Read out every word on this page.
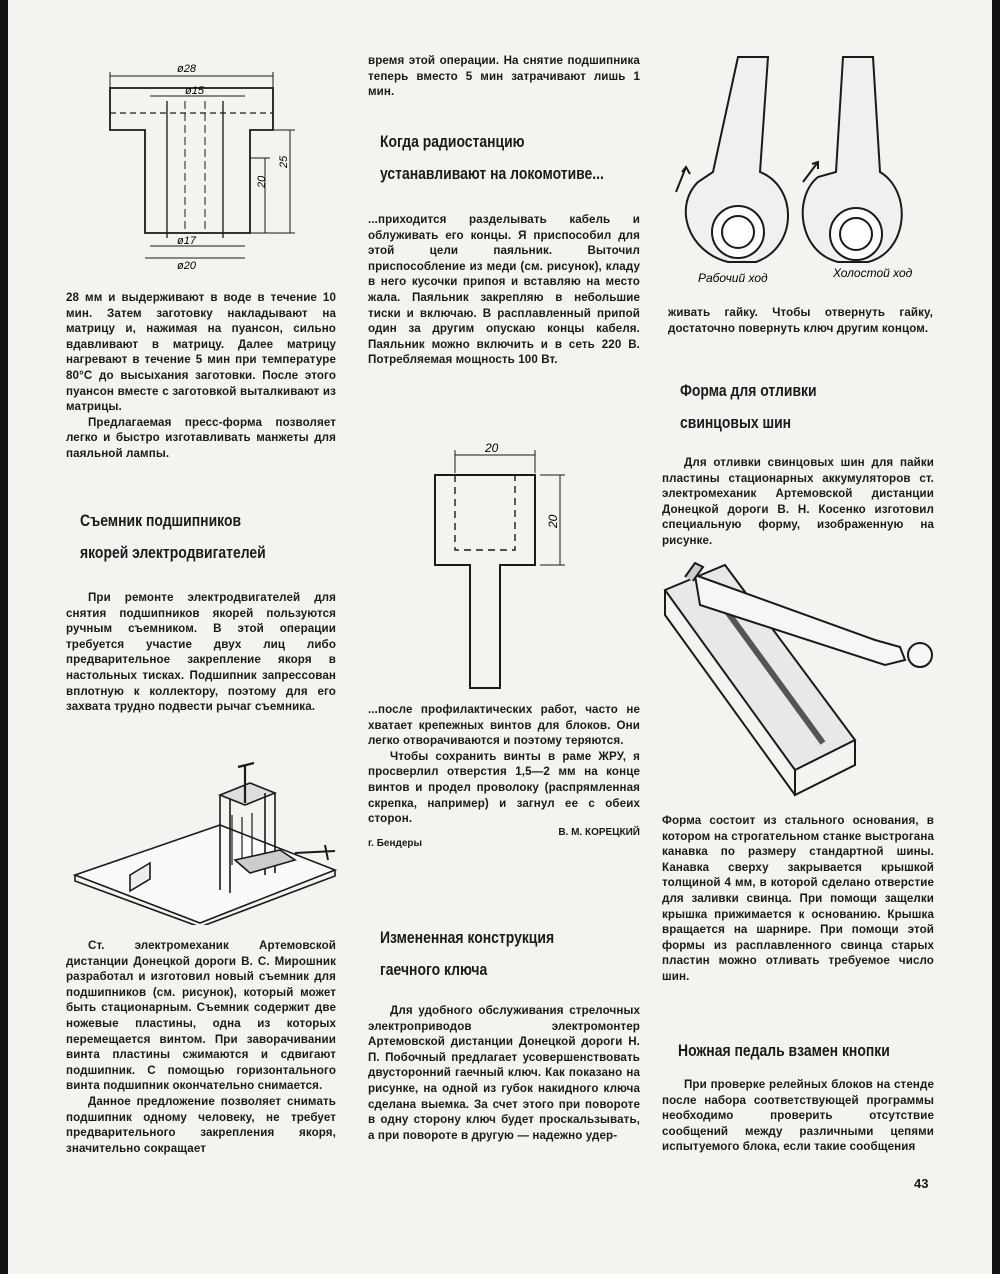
ø28
ø15
ø17
ø20
20
25

28 мм и выдерживают в воде в течение 10 мин. Затем заготовку накладывают на матрицу и, нажимая на пуансон, сильно вдавливают в матрицу. Далее матрицу нагревают в течение 5 мин при температуре 80°С до высыхания заготовки. После этого пуансон вместе с заготовкой выталкивают из матрицы.

Предлагаемая пресс-форма позволяет легко и быстро изготавливать манжеты для паяльной лампы.

Съемник подшипников
якорей электродвигателей

При ремонте электродвигателей для снятия подшипников якорей пользуются ручным съемником. В этой операции требуется участие двух лиц либо предварительное закрепление якоря в настольных тисках. Подшипник запрессован вплотную к коллектору, поэтому для его захвата трудно подвести рычаг съемника.

Ст. электромеханик Артемовской дистанции Донецкой дороги В. С. Мирошник разработал и изготовил новый съемник для подшипников (см. рисунок), который может быть стационарным. Съемник содержит две ножевые пластины, одна из которых перемещается винтом. При заворачивании винта пластины сжимаются и сдвигают подшипник. С помощью горизонтального винта подшипник окончательно снимается.

Данное предложение позволяет снимать подшипник одному человеку, не требует предварительного закрепления якоря, значительно сокращает

время этой операции. На снятие подшипника теперь вместо 5 мин затрачивают лишь 1 мин.

Когда радиостанцию
устанавливают на локомотиве...

...приходится разделывать кабель и облуживать его концы. Я приспособил для этой цели паяльник. Выточил приспособление из меди (см. рисунок), кладу в него кусочки припоя и вставляю на место жала. Паяльник закрепляю в небольшие тиски и включаю. В расплавленный припой один за другим опускаю концы кабеля. Паяльник можно включить и в сеть 220 В. Потребляемая мощность 100 Вт.

20
20

...после профилактических работ, часто не хватает крепежных винтов для блоков. Они легко отворачиваются и поэтому теряются.

Чтобы сохранить винты в раме ЖРУ, я просверлил отверстия 1,5—2 мм на конце винтов и продел проволоку (распрямленная скрепка, например) и загнул ее с обеих сторон.

В. М. КОРЕЦКИЙ

г. Бендеры

Измененная конструкция
гаечного ключа

Для удобного обслуживания стрелочных электроприводов электромонтер Артемовской дистанции Донецкой дороги Н. П. Побочный предлагает усовершенствовать двусторонний гаечный ключ. Как показано на рисунке, на одной из губок накидного ключа сделана выемка. За счет этого при повороте в одну сторону ключ будет проскальзывать, а при повороте в другую — надежно удер-

Рабочий ход	Холостой ход

живать гайку. Чтобы отвернуть гайку, достаточно повернуть ключ другим концом.

Форма для отливки
свинцовых шин

Для отливки свинцовых шин для пайки пластины стационарных аккумуляторов ст. электромеханик Артемовской дистанции Донецкой дороги В. Н. Косенко изготовил специальную форму, изображенную на рисунке.

Форма состоит из стального основания, в котором на строгательном станке выстрогана канавка по размеру стандартной шины. Канавка сверху закрывается крышкой толщиной 4 мм, в которой сделано отверстие для заливки свинца. При помощи защелки крышка прижимается к основанию. Крышка вращается на шарнире. При помощи этой формы из расплавленного свинца старых пластин можно отливать требуемое число шин.

Ножная педаль взамен кнопки

При проверке релейных блоков на стенде после набора соответствующей программы необходимо проверить отсутствие сообщений между различными цепями испытуемого блока, если такие сообщения

43
